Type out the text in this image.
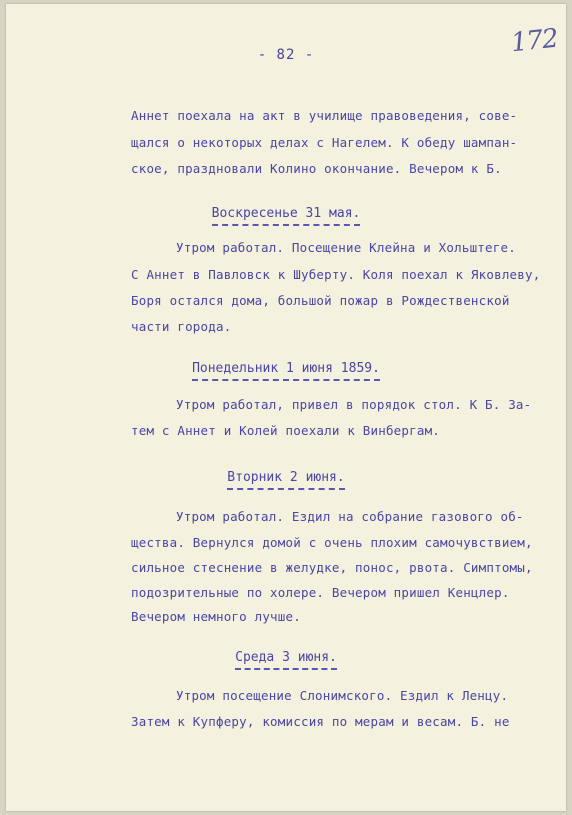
- 82 -	172
Аннет поехала на акт в училище правоведения, сове-
щался о некоторых делах с Нагелем. К обеду шампан-
ское, праздновали Колино окончание. Вечером к Б.
Воскресенье 31 мая.
Утром работал. Посещение Клейна и Хольштеге.
С Аннет в Павловск к Шуберту. Коля поехал к Яковлеву,
Боря остался дома, большой пожар в Рождественской
части города.
Понедельник 1 июня 1859.
Утром работал, привел в порядок стол. К Б. За-
тем с Аннет и Колей поехали к Винбергам.
Вторник 2 июня.
Утром работал. Ездил на собрание газового об-
щества. Вернулся домой с очень плохим самочувствием,
сильное стеснение в желудке, понос, рвота. Симптомы,
подозрительные по холере. Вечером пришел Кенцлер.
Вечером немного лучше.
Среда 3 июня.
Утром посещение Слонимского. Ездил к Ленцу.
Затем к Купферу, комиссия по мерам и весам. Б. не
